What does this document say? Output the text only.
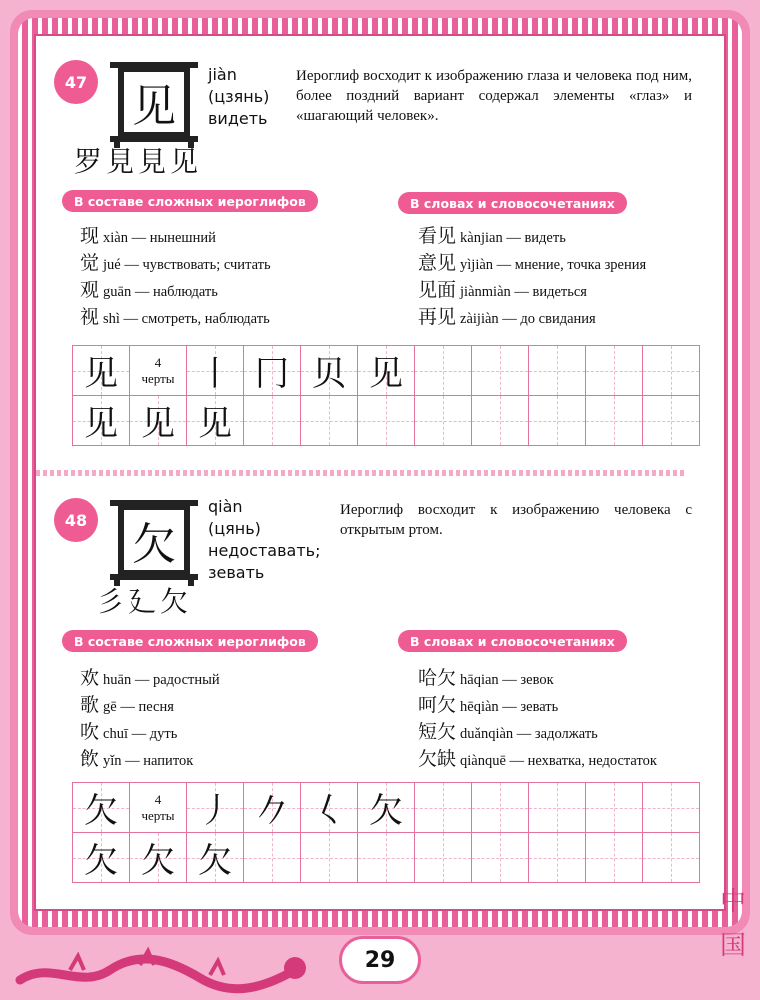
47 见
jiàn
(цзянь)
видеть
罗見見见
Иероглиф восходит к изображению глаза и человека под ним, более поздний вариант содержал элементы «глаз» и «шагающий человек».
В составе сложных иероглифов	В словах и словосочетаниях
现 xiàn — нынешний
觉 jué — чувствовать; считать
观 guān — наблюдать
视 shì — смотреть, наблюдать
看见 kànjian — видеть
意见 yìjiàn — мнение, точка зрения
见面 jiànmiàn — видеться
再见 zàijiàn — до свидания
见	4
черты	丨	冂	贝	见					
见	见	见								
48 欠
qiàn
(цянь)
недоставать;
зевать
彡廴欠
Иероглиф восходит к изображению человека с открытым ртом.
В составе сложных иероглифов	В словах и словосочетаниях
欢 huān — радостный
歌 gē — песня
吹 chuī — дуть
飲 yǐn — напиток
哈欠 hāqian — зевок
呵欠 hēqiàn — зевать
短欠 duǎnqiàn — задолжать
欠缺 qiànquē — нехватка, недостаток
欠	4
черты	丿	𠂊	𡿨	欠					
欠	欠	欠								
29
中
国
